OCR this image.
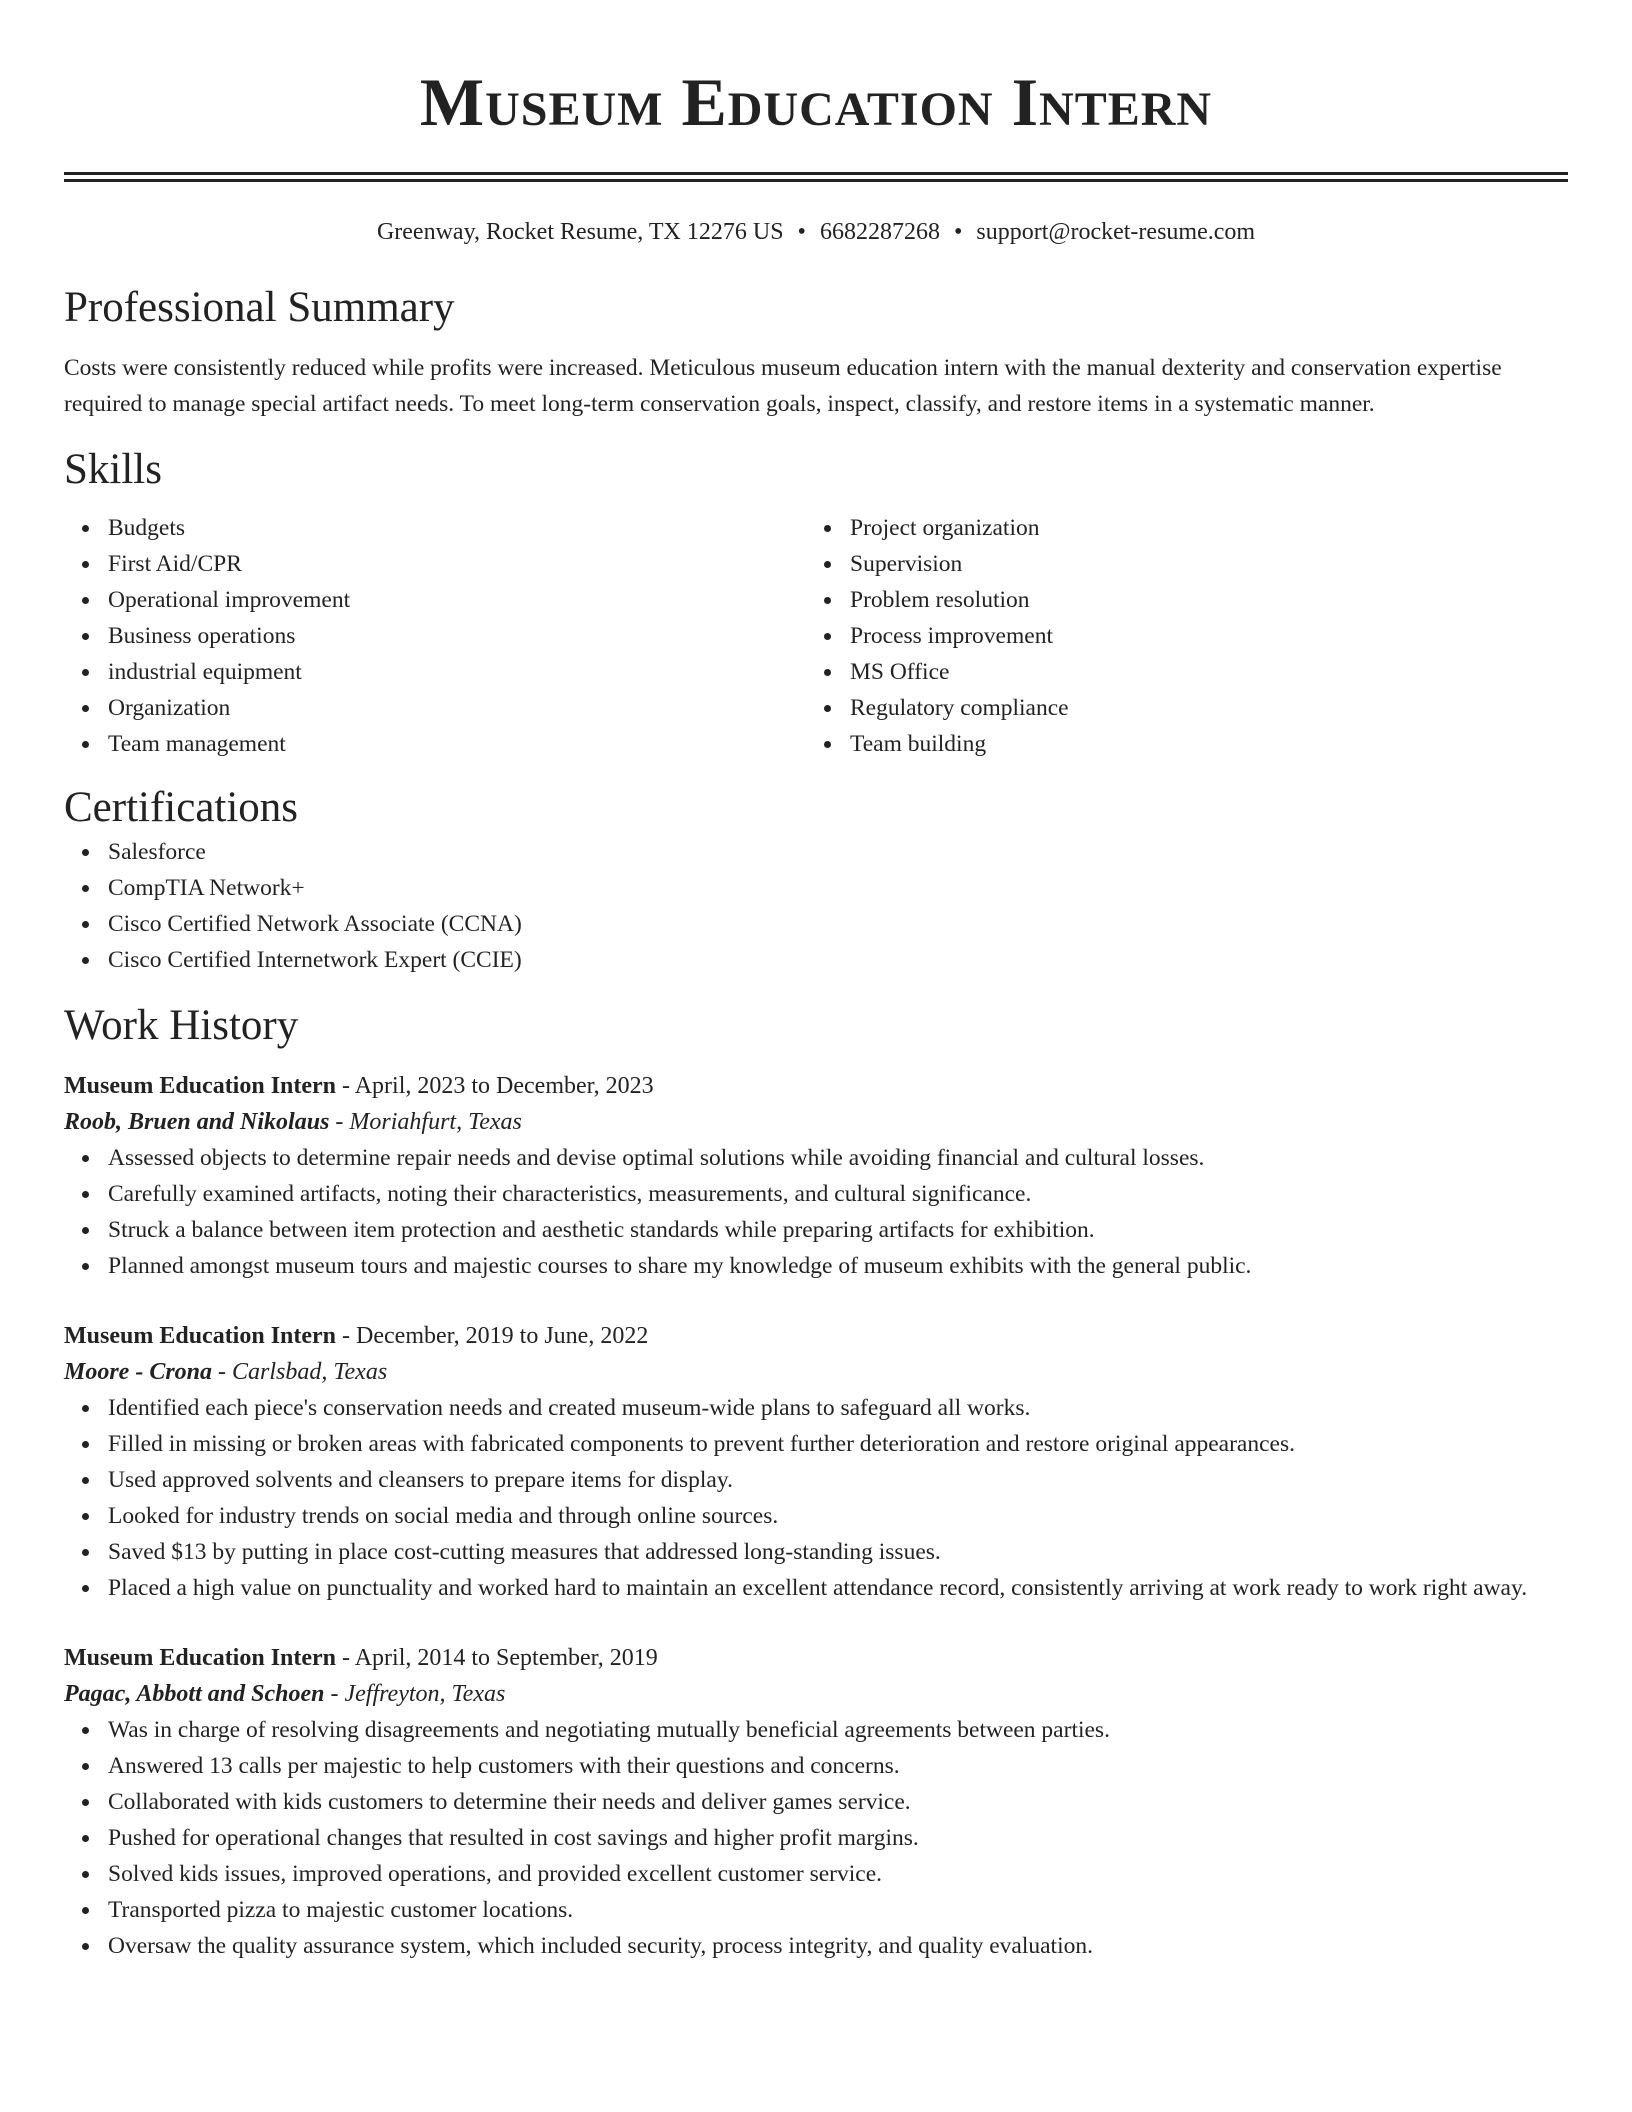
Museum Education Intern
Greenway, Rocket Resume, TX 12276 US • 6682287268 • support@rocket-resume.com
Professional Summary
Costs were consistently reduced while profits were increased. Meticulous museum education intern with the manual dexterity and conservation expertise required to manage special artifact needs. To meet long-term conservation goals, inspect, classify, and restore items in a systematic manner.
Skills
Budgets
First Aid/CPR
Operational improvement
Business operations
industrial equipment
Organization
Team management
Project organization
Supervision
Problem resolution
Process improvement
MS Office
Regulatory compliance
Team building
Certifications
Salesforce
CompTIA Network+
Cisco Certified Network Associate (CCNA)
Cisco Certified Internetwork Expert (CCIE)
Work History
Museum Education Intern - April, 2023 to December, 2023
Roob, Bruen and Nikolaus - Moriahfurt, Texas
Assessed objects to determine repair needs and devise optimal solutions while avoiding financial and cultural losses.
Carefully examined artifacts, noting their characteristics, measurements, and cultural significance.
Struck a balance between item protection and aesthetic standards while preparing artifacts for exhibition.
Planned amongst museum tours and majestic courses to share my knowledge of museum exhibits with the general public.
Museum Education Intern - December, 2019 to June, 2022
Moore - Crona - Carlsbad, Texas
Identified each piece's conservation needs and created museum-wide plans to safeguard all works.
Filled in missing or broken areas with fabricated components to prevent further deterioration and restore original appearances.
Used approved solvents and cleansers to prepare items for display.
Looked for industry trends on social media and through online sources.
Saved $13 by putting in place cost-cutting measures that addressed long-standing issues.
Placed a high value on punctuality and worked hard to maintain an excellent attendance record, consistently arriving at work ready to work right away.
Museum Education Intern - April, 2014 to September, 2019
Pagac, Abbott and Schoen - Jeffreyton, Texas
Was in charge of resolving disagreements and negotiating mutually beneficial agreements between parties.
Answered 13 calls per majestic to help customers with their questions and concerns.
Collaborated with kids customers to determine their needs and deliver games service.
Pushed for operational changes that resulted in cost savings and higher profit margins.
Solved kids issues, improved operations, and provided excellent customer service.
Transported pizza to majestic customer locations.
Oversaw the quality assurance system, which included security, process integrity, and quality evaluation.
